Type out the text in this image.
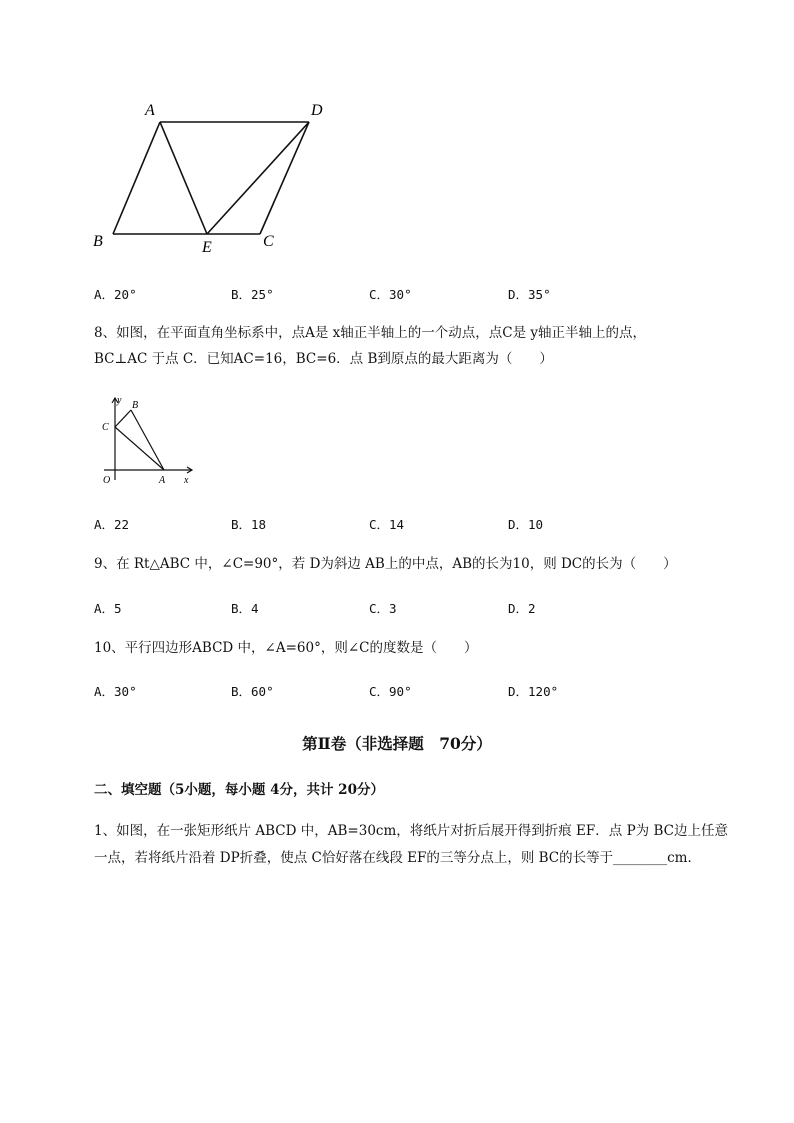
A	D
B	E	C
A．20°	B．25°	C．30°	D．35°
8、如图，在平面直角坐标系中，点A是 x轴正半轴上的一个动点，点C是 y轴正半轴上的点，
BC⊥AC 于点 C．已知AC=16，BC=6．点 B到原点的最大距离为（　　）
y B
C
O	A x
A．22	B．18	C．14	D．10
9、在 Rt△ABC 中，∠C=90°，若 D为斜边 AB上的中点，AB的长为10，则 DC的长为（　　）
A．5	B．4	C．3	D．2
10、平行四边形ABCD 中，∠A=60°，则∠C的度数是（　　）
A．30°	B．60°	C．90°	D．120°
第Ⅱ卷（非选择题　70分）
二、填空题（5小题，每小题 4分，共计 20分）
1、如图，在一张矩形纸片 ABCD 中，AB=30cm，将纸片对折后展开得到折痕 EF．点 P为 BC边上任意
一点，若将纸片沿着 DP折叠，使点 C恰好落在线段 EF的三等分点上，则 BC的长等于________cm．
